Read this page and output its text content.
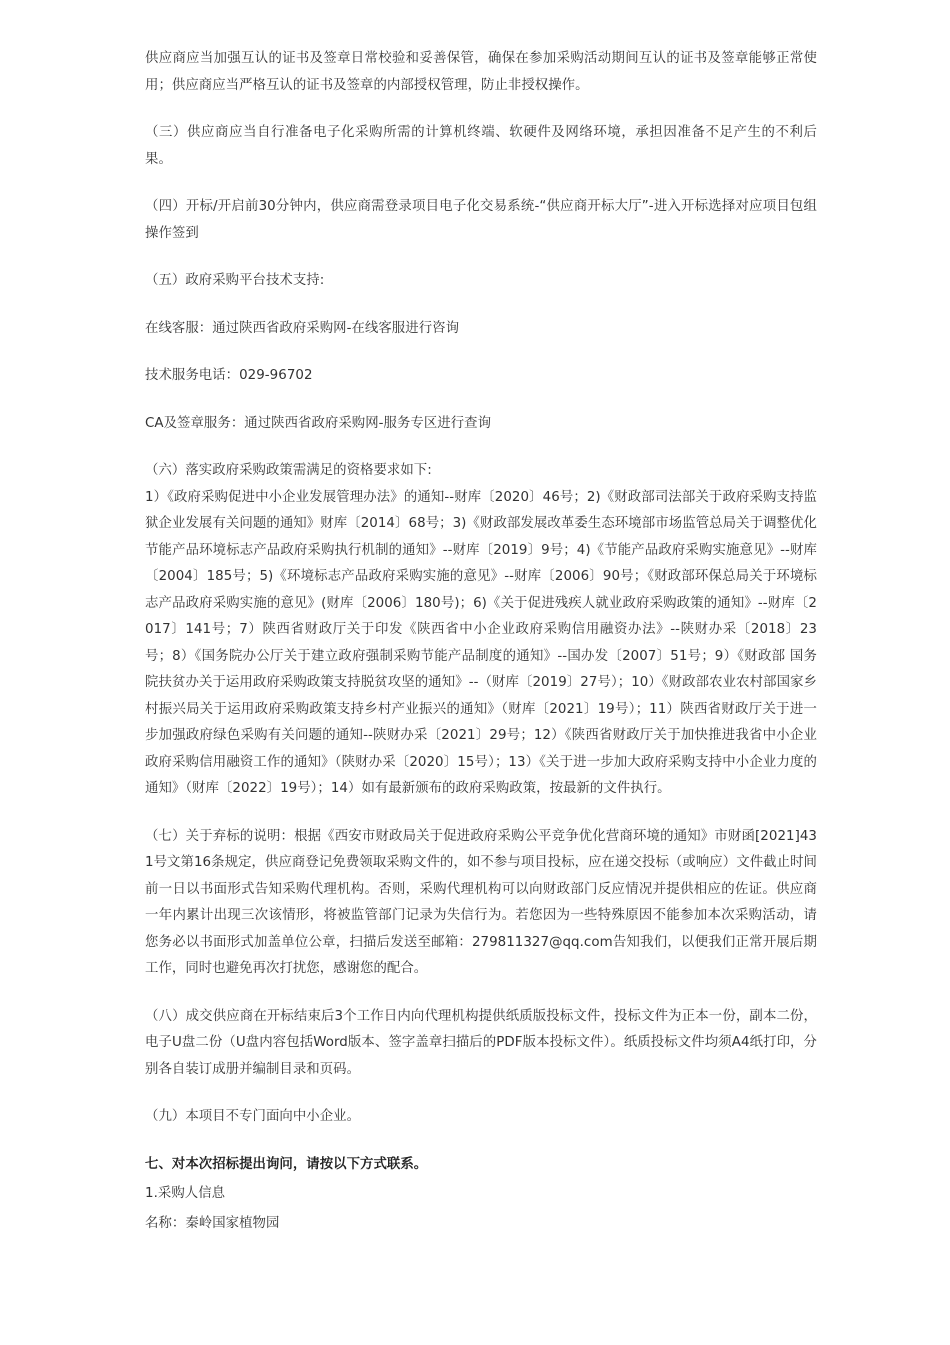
供应商应当加强互认的证书及签章日常校验和妥善保管，确保在参加采购活动期间互认的证书及签章能够正常使用；供应商应当严格互认的证书及签章的内部授权管理，防止非授权操作。

（三）供应商应当自行准备电子化采购所需的计算机终端、软硬件及网络环境，承担因准备不足产生的不利后果。

（四）开标/开启前30分钟内，供应商需登录项目电子化交易系统-“供应商开标大厅”-进入开标选择对应项目包组操作签到

（五）政府采购平台技术支持:

在线客服：通过陕西省政府采购网-在线客服进行咨询

技术服务电话：029-96702

CA及签章服务：通过陕西省政府采购网-服务专区进行查询

（六）落实政府采购政策需满足的资格要求如下:

1）《政府采购促进中小企业发展管理办法》的通知--财库〔2020〕46号；2)《财政部司法部关于政府采购支持监狱企业发展有关问题的通知》财库〔2014〕68号；3)《财政部发展改革委生态环境部市场监管总局关于调整优化节能产品环境标志产品政府采购执行机制的通知》--财库〔2019〕9号；4)《节能产品政府采购实施意见》--财库〔2004〕185号；5)《环境标志产品政府采购实施的意见》--财库〔2006〕90号；《财政部环保总局关于环境标志产品政府采购实施的意见》(财库〔2006〕180号)；6)《关于促进残疾人就业政府采购政策的通知》--财库〔2017〕141号；7）陕西省财政厅关于印发《陕西省中小企业政府采购信用融资办法》--陕财办采〔2018〕23号；8）《国务院办公厅关于建立政府强制采购节能产品制度的通知》--国办发〔2007〕51号；9）《财政部 国务院扶贫办关于运用政府采购政策支持脱贫攻坚的通知》--（财库〔2019〕27号）；10）《财政部农业农村部国家乡村振兴局关于运用政府采购政策支持乡村产业振兴的通知》（财库〔2021〕19号）；11）陕西省财政厅关于进一步加强政府绿色采购有关问题的通知--陕财办采〔2021〕29号；12）《陕西省财政厅关于加快推进我省中小企业政府采购信用融资工作的通知》（陕财办采〔2020〕15号）；13）《关于进一步加大政府采购支持中小企业力度的通知》（财库〔2022〕19号）；14）如有最新颁布的政府采购政策，按最新的文件执行。

（七）关于弃标的说明：根据《西安市财政局关于促进政府采购公平竞争优化营商环境的通知》市财函[2021]431号文第16条规定，供应商登记免费领取采购文件的，如不参与项目投标，应在递交投标（或响应）文件截止时间前一日以书面形式告知采购代理机构。否则，采购代理机构可以向财政部门反应情况并提供相应的佐证。供应商一年内累计出现三次该情形，将被监管部门记录为失信行为。若您因为一些特殊原因不能参加本次采购活动，请您务必以书面形式加盖单位公章，扫描后发送至邮箱：279811327@qq.com告知我们，以便我们正常开展后期工作，同时也避免再次打扰您，感谢您的配合。

（八）成交供应商在开标结束后3个工作日内向代理机构提供纸质版投标文件，投标文件为正本一份，副本二份，电子U盘二份（U盘内容包括Word版本、签字盖章扫描后的PDF版本投标文件）。纸质投标文件均须A4纸打印，分别各自装订成册并编制目录和页码。

（九）本项目不专门面向中小企业。

七、对本次招标提出询问，请按以下方式联系。

1.采购人信息

名称：秦岭国家植物园
